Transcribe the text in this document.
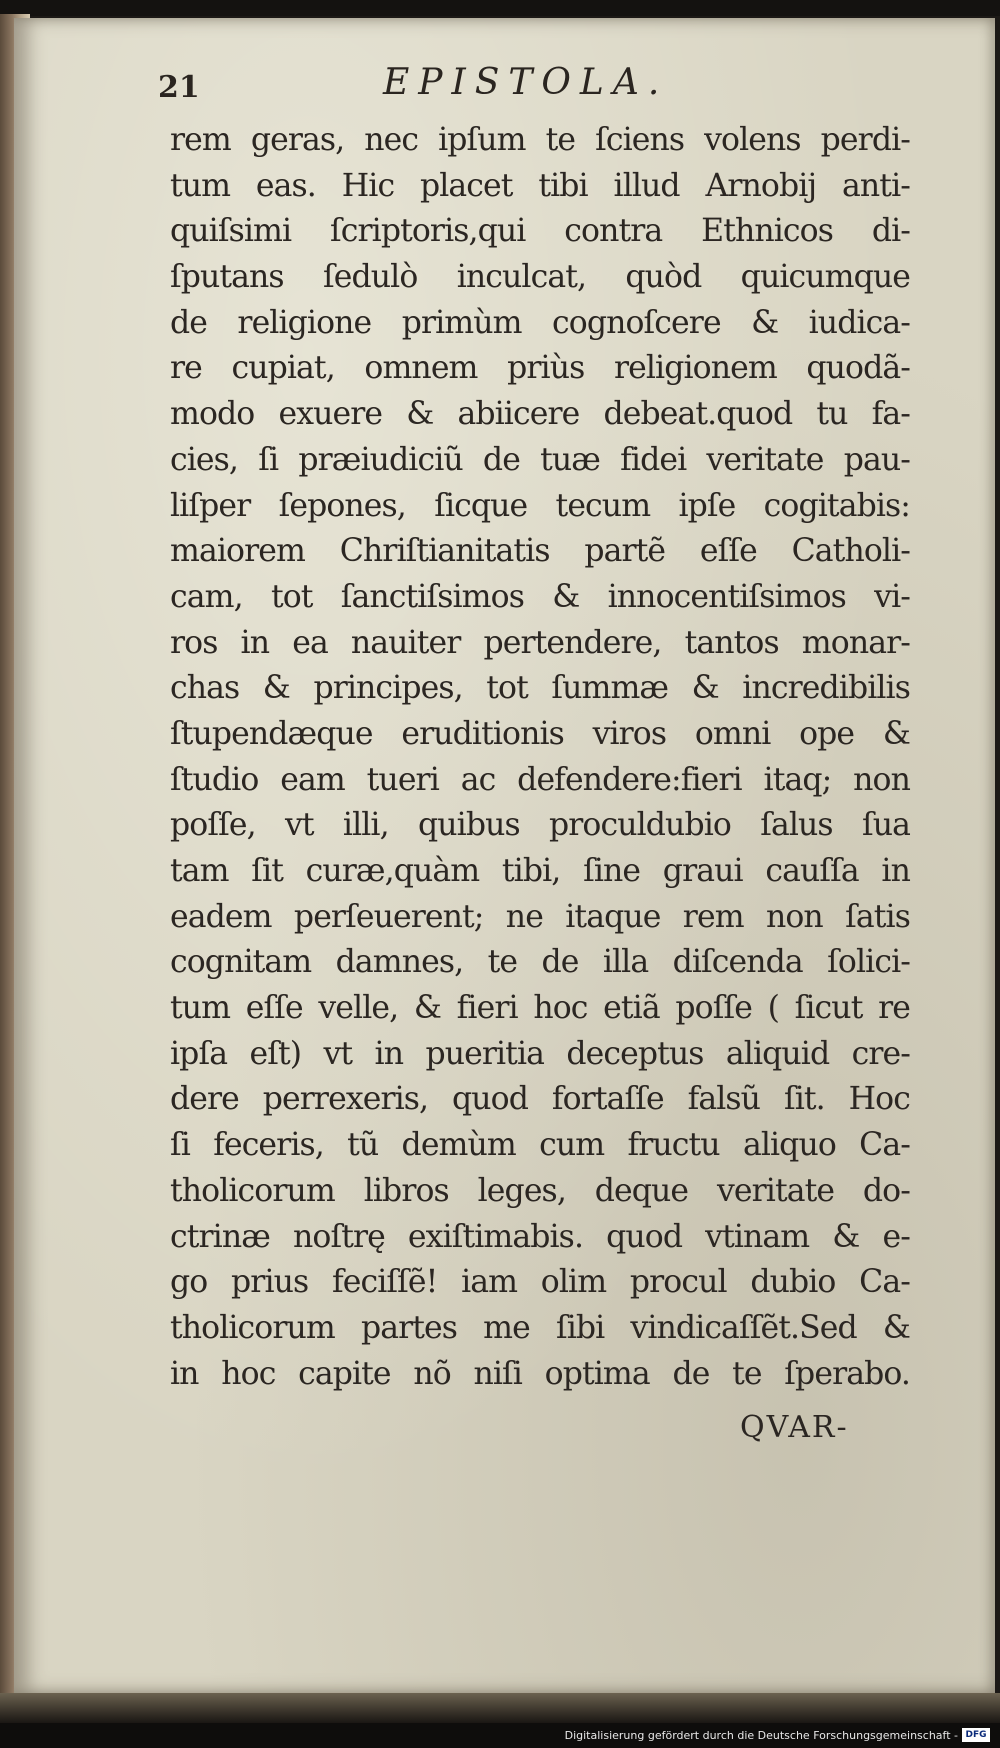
21	EPISTOLA.
rem geras, nec ipſum te ſciens volens perdi-
tum eas. Hic placet tibi illud Arnobij anti-
quiſsimi ſcriptoris,qui contra Ethnicos di-
ſputans ſedulò inculcat, quòd quicumque
de religione primùm cognoſcere & iudica-
re cupiat, omnem priùs religionem quodã-
modo exuere & abiicere debeat.quod tu fa-
cies, ſi præiudiciũ de tuæ fidei veritate pau-
liſper ſepones, ſicque tecum ipſe cogitabis:
maiorem Chriſtianitatis partẽ eſſe Catholi-
cam, tot ſanctiſsimos & innocentiſsimos vi-
ros in ea nauiter pertendere, tantos monar-
chas & principes, tot ſummæ & incredibilis
ſtupendæque eruditionis viros omni ope &
ſtudio eam tueri ac defendere:fieri itaq; non
poſſe, vt illi, quibus proculdubio ſalus ſua
tam ſit curæ,quàm tibi, ſine graui cauſſa in
eadem perſeuerent; ne itaque rem non ſatis
cognitam damnes, te de illa diſcenda ſolici-
tum eſſe velle, & fieri hoc etiã poſſe ( ſicut re
ipſa eſt) vt in pueritia deceptus aliquid cre-
dere perrexeris, quod fortaſſe falsũ ſit. Hoc
ſi feceris, tũ demùm cum fructu aliquo Ca-
tholicorum libros leges, deque veritate do-
ctrinæ noſtrę exiſtimabis. quod vtinam & e-
go prius feciſſẽ! iam olim procul dubio Ca-
tholicorum partes me ſibi vindicaſſẽt.Sed &
in hoc capite nõ niſi optima de te ſperabo.
QVAR-
Digitalisierung gefördert durch die Deutsche Forschungsgemeinschaft - DFG
